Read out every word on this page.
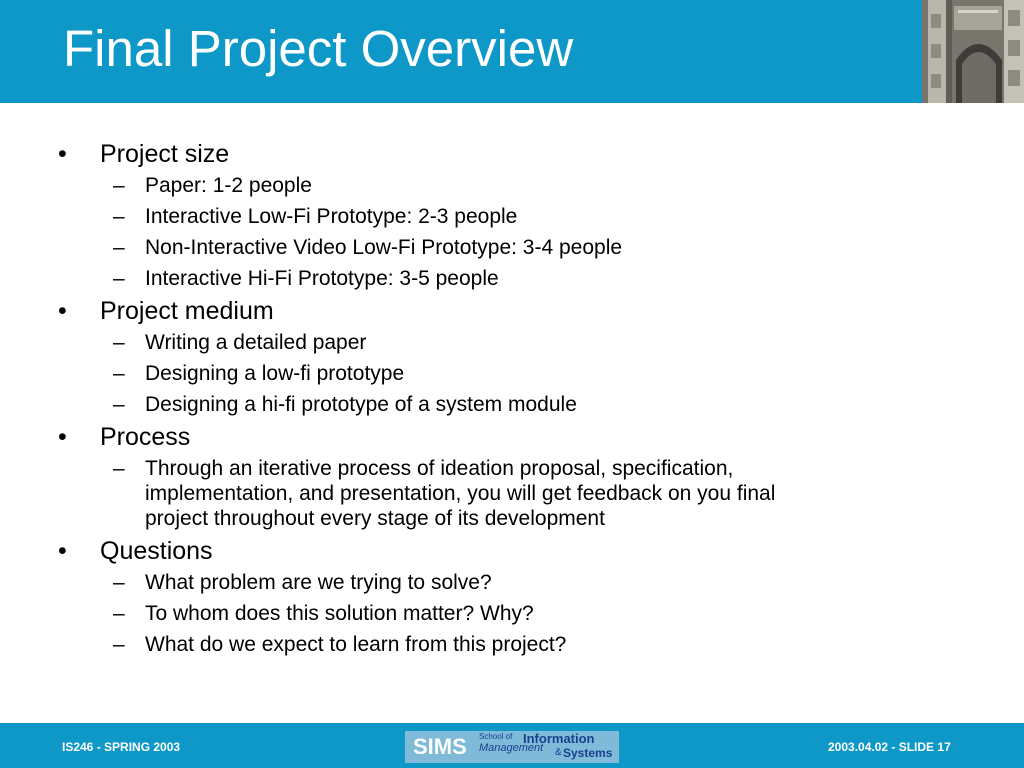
Final Project Overview
• Project size
– Paper: 1-2 people
– Interactive Low-Fi Prototype: 2-3 people
– Non-Interactive Video Low-Fi Prototype: 3-4 people
– Interactive Hi-Fi Prototype: 3-5 people
• Project medium
– Writing a detailed paper
– Designing a low-fi prototype
– Designing a hi-fi prototype of a system module
• Process
– Through an iterative process of ideation proposal, specification,
implementation, and presentation, you will get feedback on you final
project throughout every stage of its development
• Questions
– What problem are we trying to solve?
– To whom does this solution matter? Why?
– What do we expect to learn from this project?
IS246 - SPRING 2003	2003.04.02 - SLIDE 17
SIMS School of Information
Management & Systems
